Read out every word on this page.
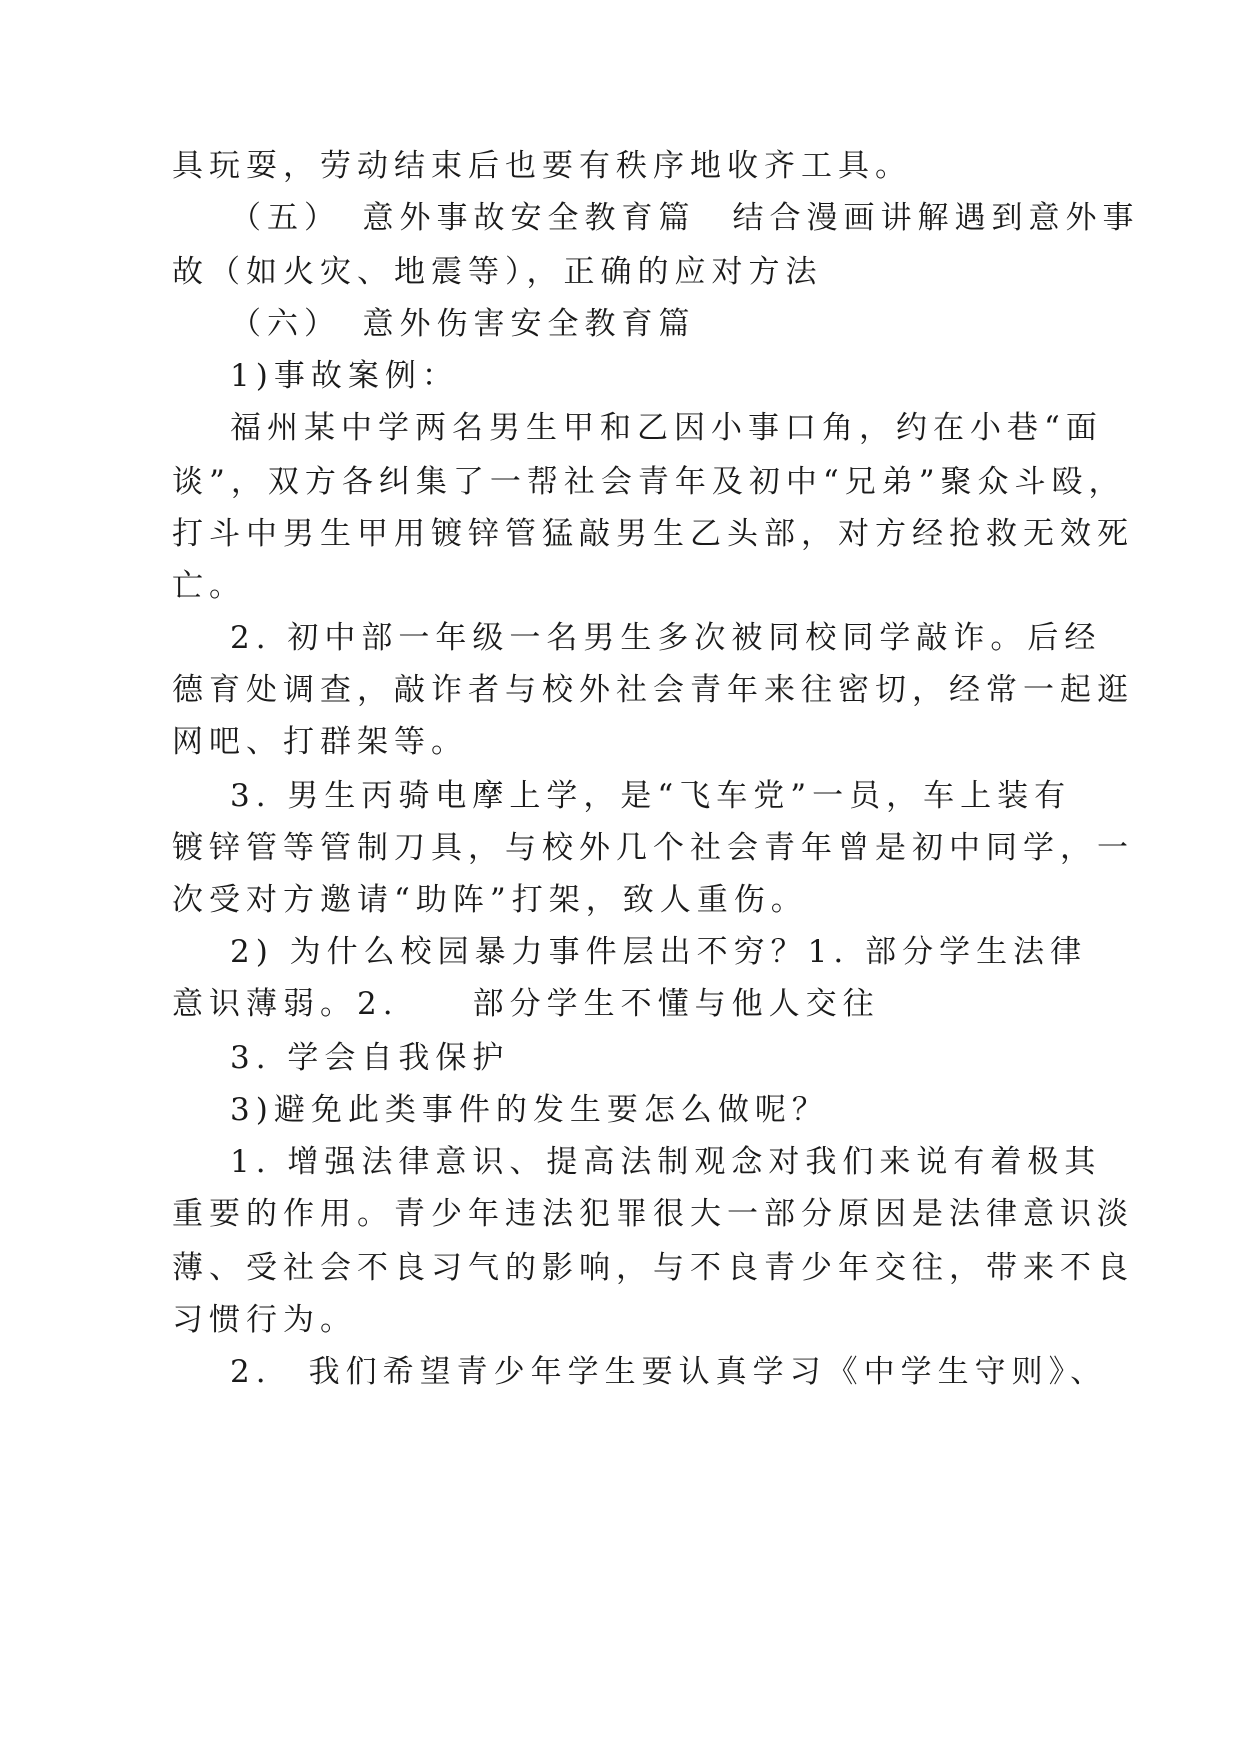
具玩耍，劳动结束后也要有秩序地收齐工具。
（五）　意外事故安全教育篇　结合漫画讲解遇到意外事
故（如火灾、地震等），正确的应对方法
（六）　意外伤害安全教育篇
1)事故案例：
福州某中学两名男生甲和乙因小事口角，约在小巷“面
谈”，双方各纠集了一帮社会青年及初中“兄弟”聚众斗殴，
打斗中男生甲用镀锌管猛敲男生乙头部，对方经抢救无效死
亡。
2. 初中部一年级一名男生多次被同校同学敲诈。后经
德育处调查，敲诈者与校外社会青年来往密切，经常一起逛
网吧、打群架等。
3. 男生丙骑电摩上学，是“飞车党”一员，车上装有
镀锌管等管制刀具，与校外几个社会青年曾是初中同学，一
次受对方邀请“助阵”打架，致人重伤。
2) 为什么校园暴力事件层出不穷？1. 部分学生法律
意识薄弱。2.　　部分学生不懂与他人交往
3. 学会自我保护
3)避免此类事件的发生要怎么做呢？
1. 增强法律意识、提高法制观念对我们来说有着极其
重要的作用。青少年违法犯罪很大一部分原因是法律意识淡
薄、受社会不良习气的影响，与不良青少年交往，带来不良
习惯行为。
2.　我们希望青少年学生要认真学习《中学生守则》、
